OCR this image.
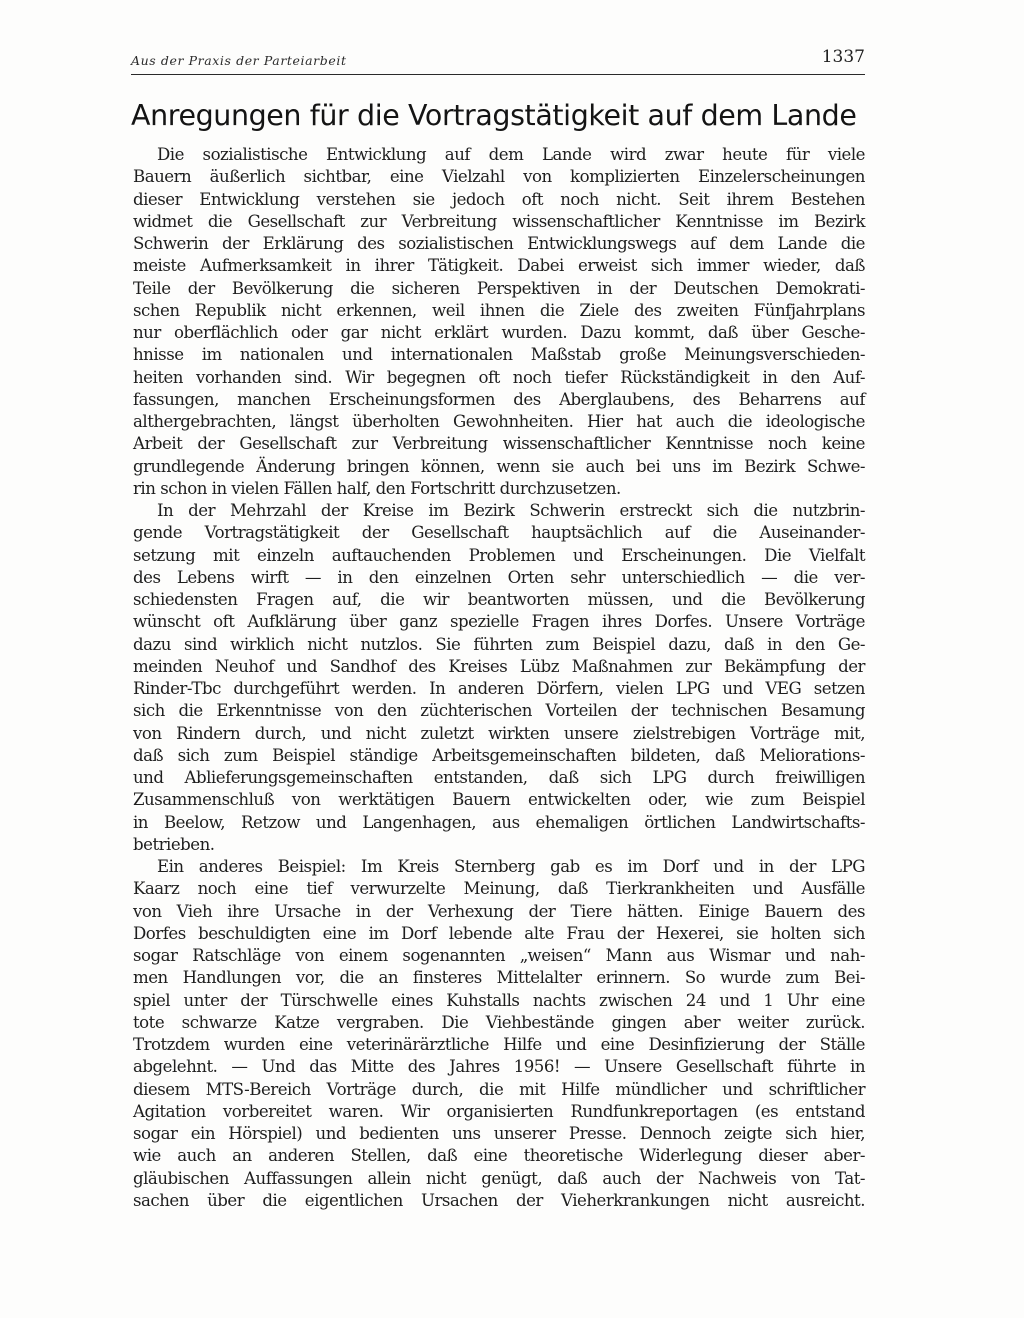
Aus der Praxis der Parteiarbeit	1337
Anregungen für die Vortragstätigkeit auf dem Lande
Die sozialistische Entwicklung auf dem Lande wird zwar heute für viele
Bauern äußerlich sichtbar, eine Vielzahl von komplizierten Einzelerscheinungen
dieser Entwicklung verstehen sie jedoch oft noch nicht. Seit ihrem Bestehen
widmet die Gesellschaft zur Verbreitung wissenschaftlicher Kenntnisse im Bezirk
Schwerin der Erklärung des sozialistischen Entwicklungswegs auf dem Lande die
meiste Aufmerksamkeit in ihrer Tätigkeit. Dabei erweist sich immer wieder, daß
Teile der Bevölkerung die sicheren Perspektiven in der Deutschen Demokrati-
schen Republik nicht erkennen, weil ihnen die Ziele des zweiten Fünfjahrplans
nur oberflächlich oder gar nicht erklärt wurden. Dazu kommt, daß über Gesche-
hnisse im nationalen und internationalen Maßstab große Meinungsverschieden-
heiten vorhanden sind. Wir begegnen oft noch tiefer Rückständigkeit in den Auf-
fassungen, manchen Erscheinungsformen des Aberglaubens, des Beharrens auf
althergebrachten, längst überholten Gewohnheiten. Hier hat auch die ideologische
Arbeit der Gesellschaft zur Verbreitung wissenschaftlicher Kenntnisse noch keine
grundlegende Änderung bringen können, wenn sie auch bei uns im Bezirk Schwe-
rin schon in vielen Fällen half, den Fortschritt durchzusetzen.
In der Mehrzahl der Kreise im Bezirk Schwerin erstreckt sich die nutzbrin-
gende Vortragstätigkeit der Gesellschaft hauptsächlich auf die Auseinander-
setzung mit einzeln auftauchenden Problemen und Erscheinungen. Die Vielfalt
des Lebens wirft — in den einzelnen Orten sehr unterschiedlich — die ver-
schiedensten Fragen auf, die wir beantworten müssen, und die Bevölkerung
wünscht oft Aufklärung über ganz spezielle Fragen ihres Dorfes. Unsere Vorträge
dazu sind wirklich nicht nutzlos. Sie führten zum Beispiel dazu, daß in den Ge-
meinden Neuhof und Sandhof des Kreises Lübz Maßnahmen zur Bekämpfung der
Rinder-Tbc durchgeführt werden. In anderen Dörfern, vielen LPG und VEG setzen
sich die Erkenntnisse von den züchterischen Vorteilen der technischen Besamung
von Rindern durch, und nicht zuletzt wirkten unsere zielstrebigen Vorträge mit,
daß sich zum Beispiel ständige Arbeitsgemeinschaften bildeten, daß Meliorations-
und Ablieferungsgemeinschaften entstanden, daß sich LPG durch freiwilligen
Zusammenschluß von werktätigen Bauern entwickelten oder, wie zum Beispiel
in Beelow, Retzow und Langenhagen, aus ehemaligen örtlichen Landwirtschafts-
betrieben.
Ein anderes Beispiel: Im Kreis Sternberg gab es im Dorf und in der LPG
Kaarz noch eine tief verwurzelte Meinung, daß Tierkrankheiten und Ausfälle
von Vieh ihre Ursache in der Verhexung der Tiere hätten. Einige Bauern des
Dorfes beschuldigten eine im Dorf lebende alte Frau der Hexerei, sie holten sich
sogar Ratschläge von einem sogenannten „weisen“ Mann aus Wismar und nah-
men Handlungen vor, die an finsteres Mittelalter erinnern. So wurde zum Bei-
spiel unter der Türschwelle eines Kuhstalls nachts zwischen 24 und 1 Uhr eine
tote schwarze Katze vergraben. Die Viehbestände gingen aber weiter zurück.
Trotzdem wurden eine veterinärärztliche Hilfe und eine Desinfizierung der Ställe
abgelehnt. — Und das Mitte des Jahres 1956! — Unsere Gesellschaft führte in
diesem MTS-Bereich Vorträge durch, die mit Hilfe mündlicher und schriftlicher
Agitation vorbereitet waren. Wir organisierten Rundfunkreportagen (es entstand
sogar ein Hörspiel) und bedienten uns unserer Presse. Dennoch zeigte sich hier,
wie auch an anderen Stellen, daß eine theoretische Widerlegung dieser aber-
gläubischen Auffassungen allein nicht genügt, daß auch der Nachweis von Tat-
sachen über die eigentlichen Ursachen der Vieherkrankungen nicht ausreicht.
